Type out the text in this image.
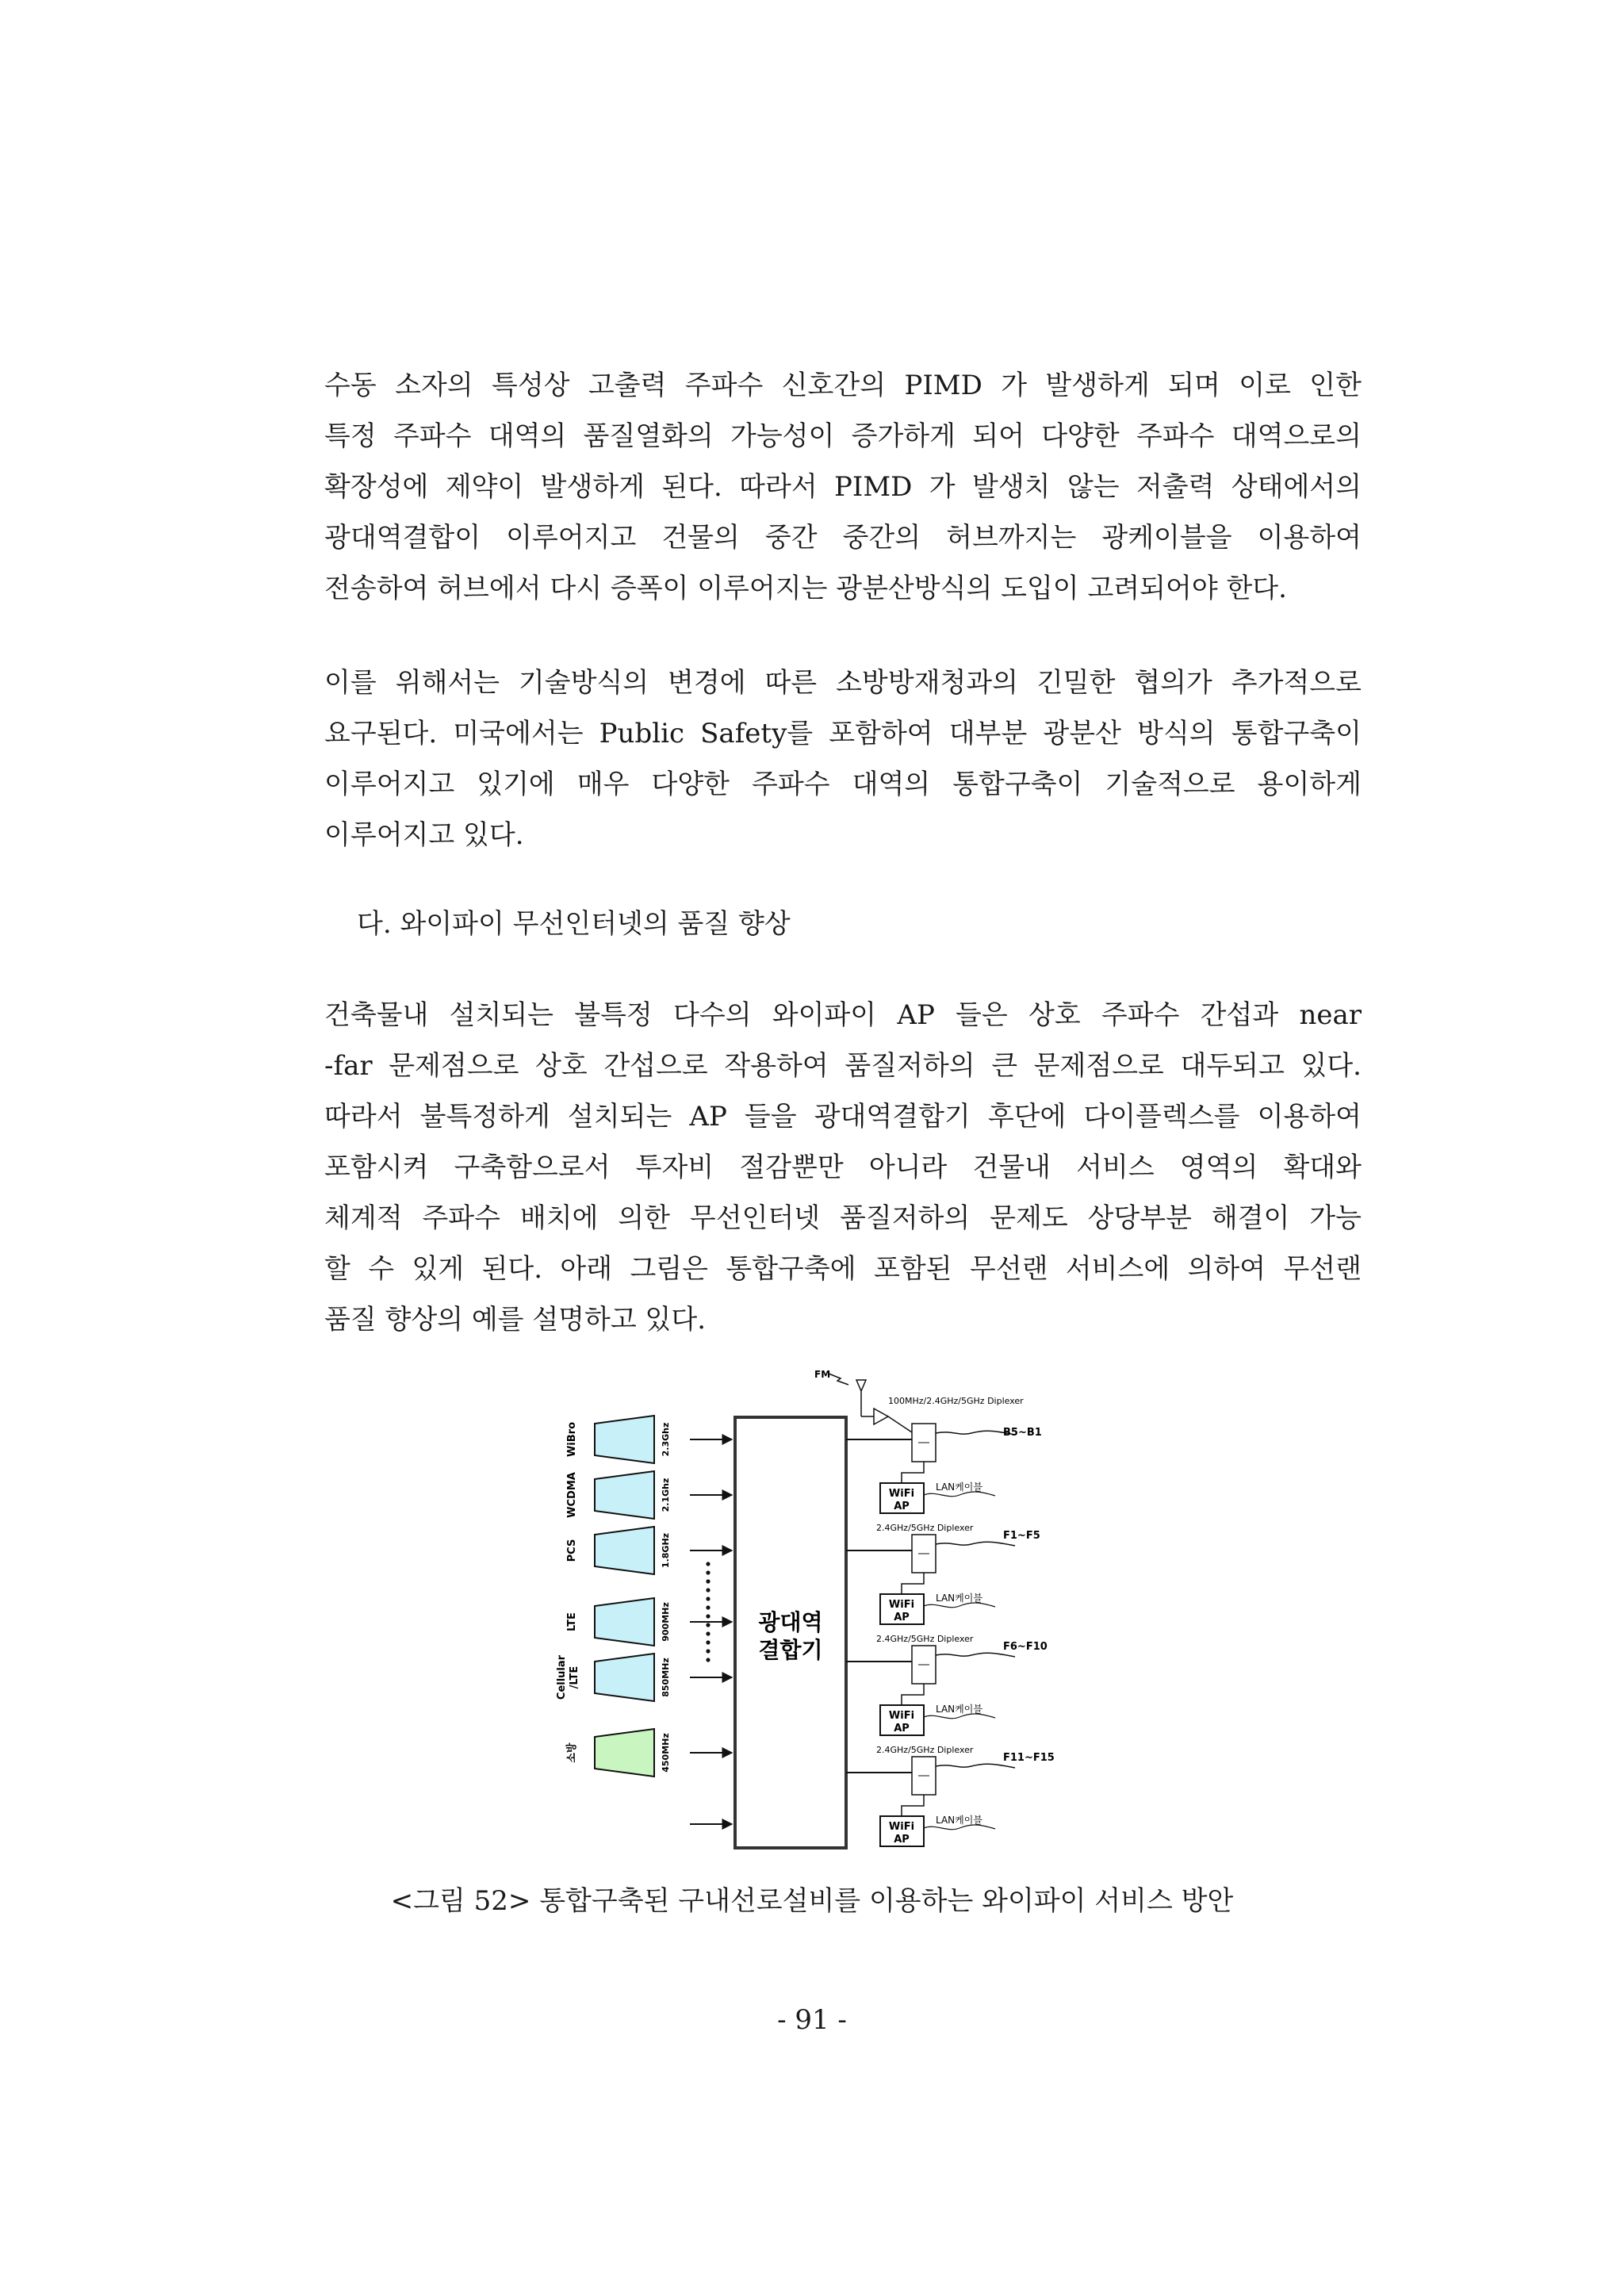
수동 소자의 특성상 고출력 주파수 신호간의 PIMD 가 발생하게 되며 이로 인한
특정 주파수 대역의 품질열화의 가능성이 증가하게 되어 다양한 주파수 대역으로의
확장성에 제약이 발생하게 된다. 따라서 PIMD 가 발생치 않는 저출력 상태에서의
광대역결합이 이루어지고 건물의 중간 중간의 허브까지는 광케이블을 이용하여
전송하여 허브에서 다시 증폭이 이루어지는 광분산방식의 도입이 고려되어야 한다.
이를 위해서는 기술방식의 변경에 따른 소방방재청과의 긴밀한 협의가 추가적으로
요구된다. 미국에서는 Public Safety를 포함하여 대부분 광분산 방식의 통합구축이
이루어지고 있기에 매우 다양한 주파수 대역의 통합구축이 기술적으로 용이하게
이루어지고 있다.

다. 와이파이 무선인터넷의 품질 향상

건축물내 설치되는 불특정 다수의 와이파이 AP 들은 상호 주파수 간섭과 near
-far 문제점으로 상호 간섭으로 작용하여 품질저하의 큰 문제점으로 대두되고 있다.
따라서 불특정하게 설치되는 AP 들을 광대역결합기 후단에 다이플렉스를 이용하여
포함시켜 구축함으로서 투자비 절감뿐만 아니라 건물내 서비스 영역의 확대와
체계적 주파수 배치에 의한 무선인터넷 품질저하의 문제도 상당부분 해결이 가능
할 수 있게 된다. 아래 그림은 통합구축에 포함된 무선랜 서비스에 의하여 무선랜
품질 향상의 예를 설명하고 있다.
FM
100MHz/2.4GHz/5GHz Diplexer
광대역
결합기
WiBro	2.3Ghz
WCDMA	2.1Ghz
PCS	1.8GHz
LTE	900MHz
Cellular /LTE	850MHz
소방	450MHz
B5~B1
WiFi
AP
LAN케이블
2.4GHz/5GHz Diplexer
F1~F5
WiFi
AP
LAN케이블
2.4GHz/5GHz Diplexer
F6~F10
WiFi
AP
LAN케이블
2.4GHz/5GHz Diplexer
F11~F15
WiFi
AP
LAN케이블

<그림 52> 통합구축된 구내선로설비를 이용하는 와이파이 서비스 방안

- 91 -
